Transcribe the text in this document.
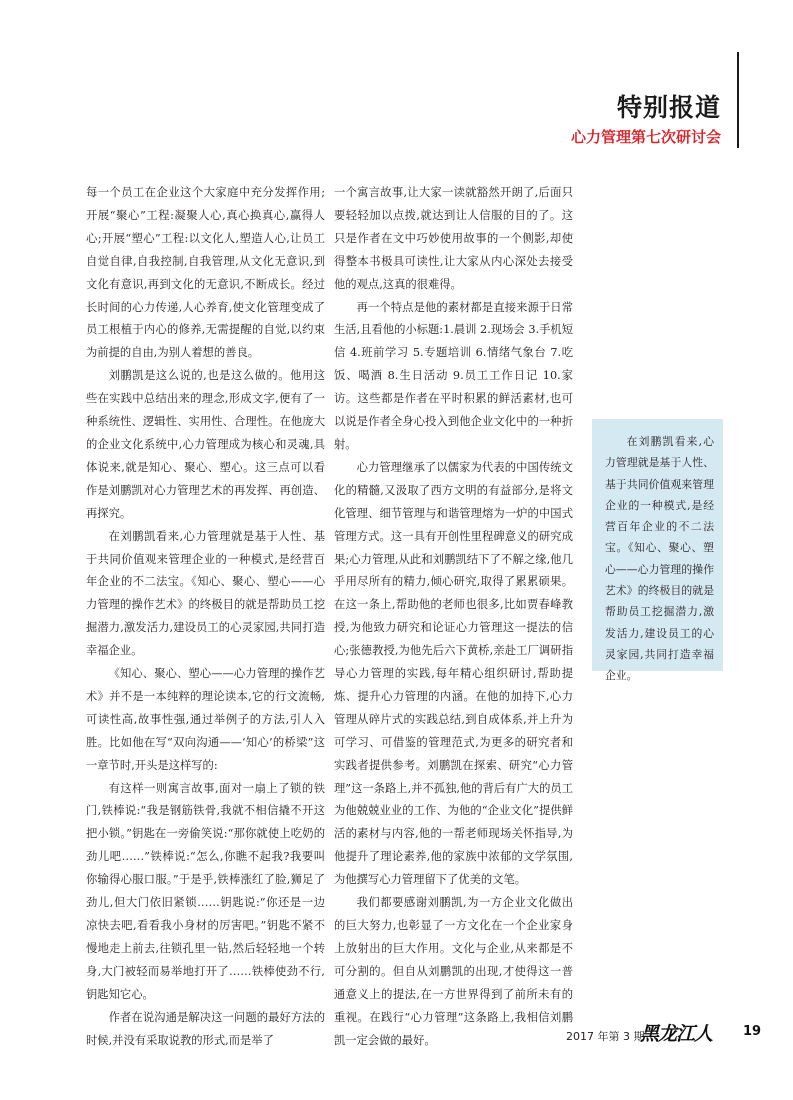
特别报道
心力管理第七次研讨会

每一个员工在企业这个大家庭中充分发挥作用;开展“聚心”工程:凝聚人心,真心换真心,赢得人心;开展“塑心”工程:以文化人,塑造人心,让员工自觉自律,自我控制,自我管理,从文化无意识,到文化有意识,再到文化的无意识,不断成长。经过长时间的心力传递,人心养育,使文化管理变成了员工根植于内心的修养,无需提醒的自觉,以约束为前提的自由,为别人着想的善良。

刘鹏凯是这么说的,也是这么做的。他用这些在实践中总结出来的理念,形成文字,便有了一种系统性、逻辑性、实用性、合理性。在他庞大的企业文化系统中,心力管理成为核心和灵魂,具体说来,就是知心、聚心、塑心。这三点可以看作是刘鹏凯对心力管理艺术的再发挥、再创造、再探究。

在刘鹏凯看来,心力管理就是基于人性、基于共同价值观来管理企业的一种模式,是经营百年企业的不二法宝。《知心、聚心、塑心——心力管理的操作艺术》的终极目的就是帮助员工挖掘潜力,激发活力,建设员工的心灵家园,共同打造幸福企业。

《知心、聚心、塑心——心力管理的操作艺术》并不是一本纯粹的理论读本,它的行文流畅,可读性高,故事性强,通过举例子的方法,引人入胜。比如他在写“双向沟通——‘知心’的桥梁”这一章节时,开头是这样写的:

有这样一则寓言故事,面对一扇上了锁的铁门,铁棒说:“我是钢筋铁骨,我就不相信撬不开这把小锁。”钥匙在一旁偷笑说:“那你就使上吃奶的劲儿吧……”铁棒说:“怎么,你瞧不起我?我要叫你输得心服口服。”于是乎,铁棒涨红了脸,狮足了劲儿,但大门依旧紧锁……钥匙说:“你还是一边凉快去吧,看看我小身材的厉害吧。”钥匙不紧不慢地走上前去,往锁孔里一钻,然后轻轻地一个转身,大门被轻而易举地打开了……铁棒使劲不行,钥匙知它心。

作者在说沟通是解决这一问题的最好方法的时候,并没有采取说教的形式,而是举了

一个寓言故事,让大家一读就豁然开朗了,后面只要轻轻加以点拨,就达到让人信服的目的了。这只是作者在文中巧妙使用故事的一个侧影,却使得整本书极具可读性,让大家从内心深处去接受他的观点,这真的很难得。

再一个特点是他的素材都是直接来源于日常生活,且看他的小标题:1.晨训 2.现场会 3.手机短信 4.班前学习 5.专题培训 6.情绪气象台 7.吃饭、喝酒 8.生日活动 9.员工工作日记 10.家访。这些都是作者在平时积累的鲜活素材,也可以说是作者全身心投入到他企业文化中的一种折射。

心力管理继承了以儒家为代表的中国传统文化的精髓,又汲取了西方文明的有益部分,是将文化管理、细节管理与和谐管理熔为一炉的中国式管理方式。这一具有开创性里程碑意义的研究成果;心力管理,从此和刘鹏凯结下了不解之缘,他几乎用尽所有的精力,倾心研究,取得了累累硕果。在这一条上,帮助他的老师也很多,比如贾春峰教授,为他致力研究和论证心力管理这一提法的信心;张德教授,为他先后六下黄桥,亲赴工厂调研指导心力管理的实践,每年精心组织研讨,帮助提炼、提升心力管理的内涵。在他的加持下,心力管理从碎片式的实践总结,到自成体系,并上升为可学习、可借鉴的管理范式,为更多的研究者和实践者提供参考。刘鹏凯在探索、研究“心力管理”这一条路上,并不孤独,他的背后有广大的员工为他兢兢业业的工作、为他的“企业文化”提供鲜活的素材与内容,他的一帮老师现场关怀指导,为他提升了理论素养,他的家族中浓郁的文学氛围,为他撰写心力管理留下了优美的文笔。

我们都要感谢刘鹏凯,为一方企业文化做出的巨大努力,也彰显了一方文化在一个企业家身上放射出的巨大作用。文化与企业,从来都是不可分割的。但自从刘鹏凯的出现,才使得这一普通意义上的提法,在一方世界得到了前所未有的重视。在践行“心力管理”这条路上,我相信刘鹏凯一定会做的最好。

在刘鹏凯看来,心力管理就是基于人性、基于共同价值观来管理企业的一种模式,是经营百年企业的不二法宝。《知心、聚心、塑心——心力管理的操作艺术》的终极目的就是帮助员工挖掘潜力,激发活力,建设员工的心灵家园,共同打造幸福企业。
2017 年第 3 期
黑龙江人 19
